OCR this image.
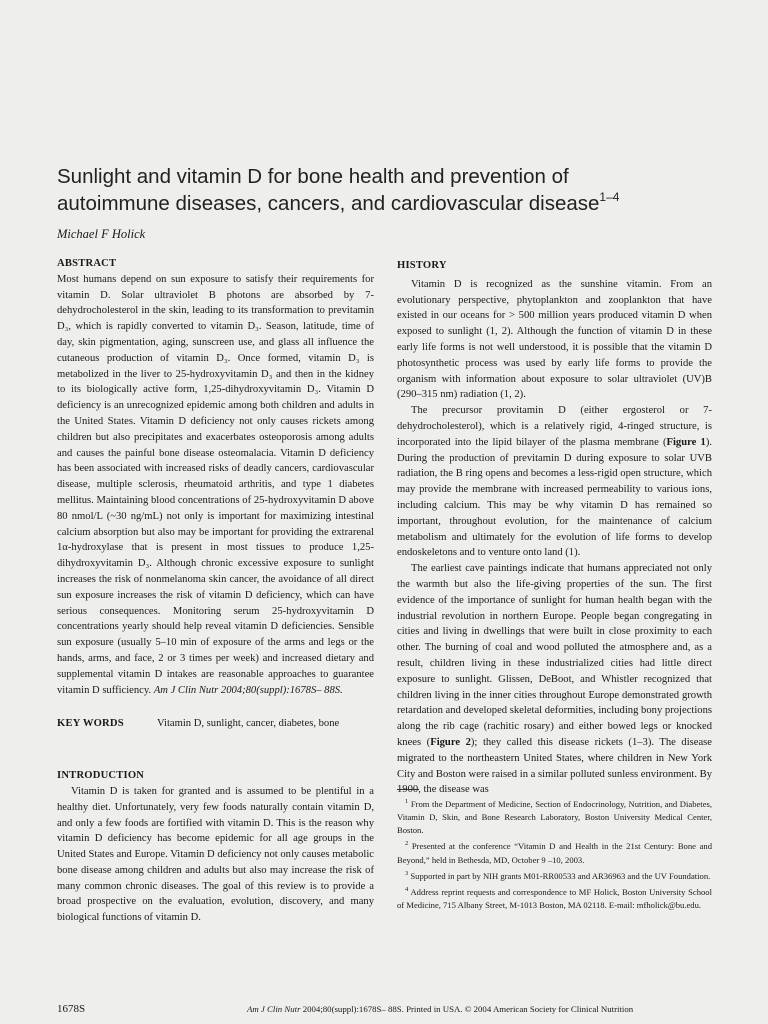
Sunlight and vitamin D for bone health and prevention of
autoimmune diseases, cancers, and cardiovascular disease$^{1-4}$
Michael F Holick

ABSTRACT

Most humans depend on sun exposure to satisfy their requirements for vitamin D. Solar ultraviolet B photons are absorbed by 7-dehydrocholesterol in the skin, leading to its transformation to previtamin D₃, which is rapidly converted to vitamin D₃. Season, latitude, time of day, skin pigmentation, aging, sunscreen use, and glass all influence the cutaneous production of vitamin D₃. Once formed, vitamin D₃ is metabolized in the liver to 25-hydroxyvitamin D₃ and then in the kidney to its biologically active form, 1,25-dihydroxyvitamin D₃. Vitamin D deficiency is an unrecognized epidemic among both children and adults in the United States. Vitamin D deficiency not only causes rickets among children but also precipitates and exacerbates osteoporosis among adults and causes the painful bone disease osteomalacia. Vitamin D deficiency has been associated with increased risks of deadly cancers, cardiovascular disease, multiple sclerosis, rheumatoid arthritis, and type 1 diabetes mellitus. Maintaining blood concentrations of 25-hydroxyvitamin D above 80 nmol/L (~30 ng/mL) not only is important for maximizing intestinal calcium absorption but also may be important for providing the extrarenal 1α-hydroxylase that is present in most tissues to produce 1,25-dihydroxyvitamin D₃. Although chronic excessive exposure to sunlight increases the risk of nonmelanoma skin cancer, the avoidance of all direct sun exposure increases the risk of vitamin D deficiency, which can have serious consequences. Monitoring serum 25-hydroxyvitamin D concentrations yearly should help reveal vitamin D deficiencies. Sensible sun exposure (usually 5–10 min of exposure of the arms and legs or the hands, arms, and face, 2 or 3 times per week) and increased dietary and supplemental vitamin D intakes are reasonable approaches to guarantee vitamin D sufficiency. Am J Clin Nutr 2004;80(suppl):1678S– 88S.

KEY WORDS	Vitamin D, sunlight, cancer, diabetes, bone

INTRODUCTION

Vitamin D is taken for granted and is assumed to be plentiful in a healthy diet. Unfortunately, very few foods naturally contain vitamin D, and only a few foods are fortified with vitamin D. This is the reason why vitamin D deficiency has become epidemic for all age groups in the United States and Europe. Vitamin D deficiency not only causes metabolic bone disease among children and adults but also may increase the risk of many common chronic diseases. The goal of this review is to provide a broad prospective on the evaluation, evolution, discovery, and many biological functions of vitamin D.

HISTORY

Vitamin D is recognized as the sunshine vitamin. From an evolutionary perspective, phytoplankton and zooplankton that have existed in our oceans for > 500 million years produced vitamin D when exposed to sunlight (1, 2). Although the function of vitamin D in these early life forms is not well understood, it is possible that the vitamin D photosynthetic process was used by early life forms to provide the organism with information about exposure to solar ultraviolet (UV)B (290–315 nm) radiation (1, 2).

The precursor provitamin D (either ergosterol or 7-dehydrocholesterol), which is a relatively rigid, 4-ringed structure, is incorporated into the lipid bilayer of the plasma membrane (Figure 1). During the production of previtamin D during exposure to solar UVB radiation, the B ring opens and becomes a less-rigid open structure, which may provide the membrane with increased permeability to various ions, including calcium. This may be why vitamin D has remained so important, throughout evolution, for the maintenance of calcium metabolism and ultimately for the evolution of life forms to develop endoskeletons and to venture onto land (1).

The earliest cave paintings indicate that humans appreciated not only the warmth but also the life-giving properties of the sun. The first evidence of the importance of sunlight for human health began with the industrial revolution in northern Europe. People began congregating in cities and living in dwellings that were built in close proximity to each other. The burning of coal and wood polluted the atmosphere and, as a result, children living in these industrialized cities had little direct exposure to sunlight. Glissen, DeBoot, and Whistler recognized that children living in the inner cities throughout Europe demonstrated growth retardation and developed skeletal deformities, including bony projections along the rib cage (rachitic rosary) and either bowed legs or knocked knees (Figure 2); they called this disease rickets (1–3). The disease migrated to the northeastern United States, where children in New York City and Boston were raised in a similar polluted sunless environment. By 1900, the disease was

$^1$ From the Department of Medicine, Section of Endocrinology, Nutrition, and Diabetes, Vitamin D, Skin, and Bone Research Laboratory, Boston University Medical Center, Boston.

$^2$ Presented at the conference “Vitamin D and Health in the 21st Century: Bone and Beyond,” held in Bethesda, MD, October 9 –10, 2003.

$^3$ Supported in part by NIH grants M01-RR00533 and AR36963 and the UV Foundation.

$^4$ Address reprint requests and correspondence to MF Holick, Boston University School of Medicine, 715 Albany Street, M-1013 Boston, MA 02118. E-mail: mfholick@bu.edu.

1678S	Am J Clin Nutr 2004;80(suppl):1678S– 88S. Printed in USA. © 2004 American Society for Clinical Nutrition
